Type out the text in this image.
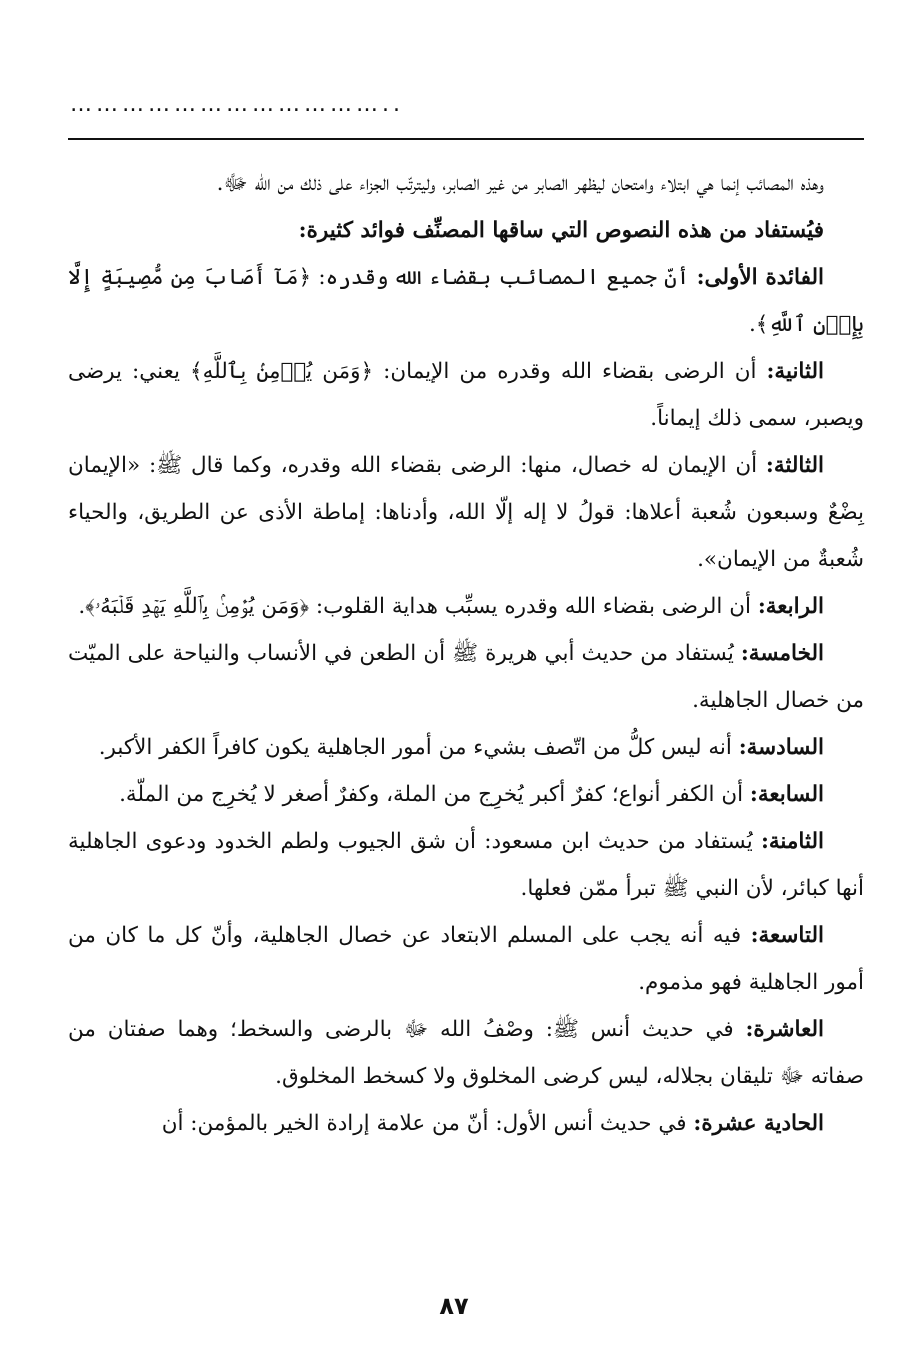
………………………………..

وهذه المصائب إنما هي ابتلاء وامتحان ليظهر الصابر من غير الصابر، وليترتّب الجزاء على ذلك من الله ﷻ.

فيُستفاد من هذه النصوص التي ساقها المصنِّف فوائد كثيرة:

الفائدة الأولى: أنّ جميع المصائب بقضاء الله وقدره: ﴿مَآ أَصَابَ مِن مُّصِيبَةٍ إِلَّا بِإِذۡنِ ٱللَّهِ﴾.

الثانية: أن الرضى بقضاء الله وقدره من الإيمان: ﴿وَمَن يُؤۡمِنۢ بِٱللَّهِ﴾ يعني: يرضى ويصبر، سمى ذلك إيماناً.

الثالثة: أن الإيمان له خصال، منها: الرضى بقضاء الله وقدره، وكما قال ﷺ: «الإيمان بِضْعٌ وسبعون شُعبة أعلاها: قولُ لا إله إلّا الله، وأدناها: إماطة الأذى عن الطريق، والحياء شُعبةٌ من الإيمان».

الرابعة: أن الرضى بقضاء الله وقدره يسبِّب هداية القلوب: ﴿وَمَن يُؤۡمِنۢ بِٱللَّهِ يَهۡدِ قَلۡبَهُۥ﴾.

الخامسة: يُستفاد من حديث أبي هريرة ﷺ أن الطعن في الأنساب والنياحة على الميّت من خصال الجاهلية.

السادسة: أنه ليس كلُّ من اتّصف بشيء من أمور الجاهلية يكون كافراً الكفر الأكبر.

السابعة: أن الكفر أنواع؛ كفرٌ أكبر يُخرِج من الملة، وكفرٌ أصغر لا يُخرِج من الملّة.

الثامنة: يُستفاد من حديث ابن مسعود: أن شق الجيوب ولطم الخدود ودعوى الجاهلية أنها كبائر، لأن النبي ﷺ تبرأ ممّن فعلها.

التاسعة: فيه أنه يجب على المسلم الابتعاد عن خصال الجاهلية، وأنّ كل ما كان من أمور الجاهلية فهو مذموم.

العاشرة: في حديث أنس ﷺ: وصْفُ الله ﷻ بالرضى والسخط؛ وهما صفتان من صفاته ﷻ تليقان بجلاله، ليس كرضى المخلوق ولا كسخط المخلوق.

الحادية عشرة: في حديث أنس الأول: أنّ من علامة إرادة الخير بالمؤمن: أن

٨٧
